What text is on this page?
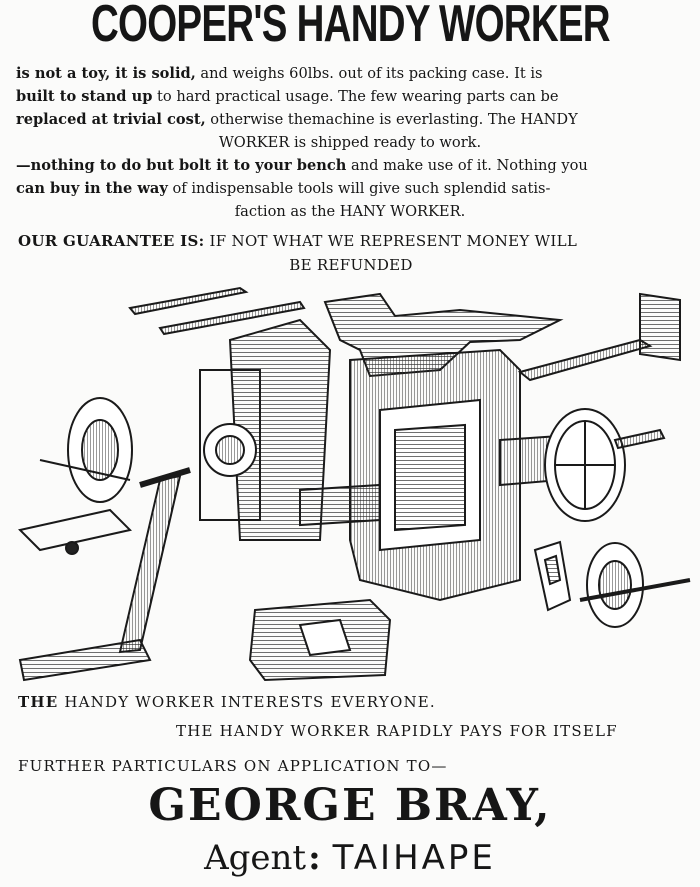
COOPER'S HANDY WORKER

is not a toy, it is solid, and weighs 60lbs. out of its packing case. It is
built to stand up to hard practical usage. The few wearing parts can be
replaced at trivial cost, otherwise themachine is everlasting. The HANDY

WORKER is shipped ready to work.
—nothing to do but bolt it to your bench and make use of it. Nothing you
can buy in the way of indispensable tools will give such splendid satis-

faction as the HANY WORKER.

OUR GUARANTEE IS: IF NOT WHAT WE REPRESENT MONEY WILL
BE REFUNDED

THE HANDY WORKER INTERESTS EVERYONE.
THE HANDY WORKER RAPIDLY PAYS FOR ITSELF
FURTHER PARTICULARS ON APPLICATION TO—
GEORGE BRAY,
Agent: TAIHAPE
